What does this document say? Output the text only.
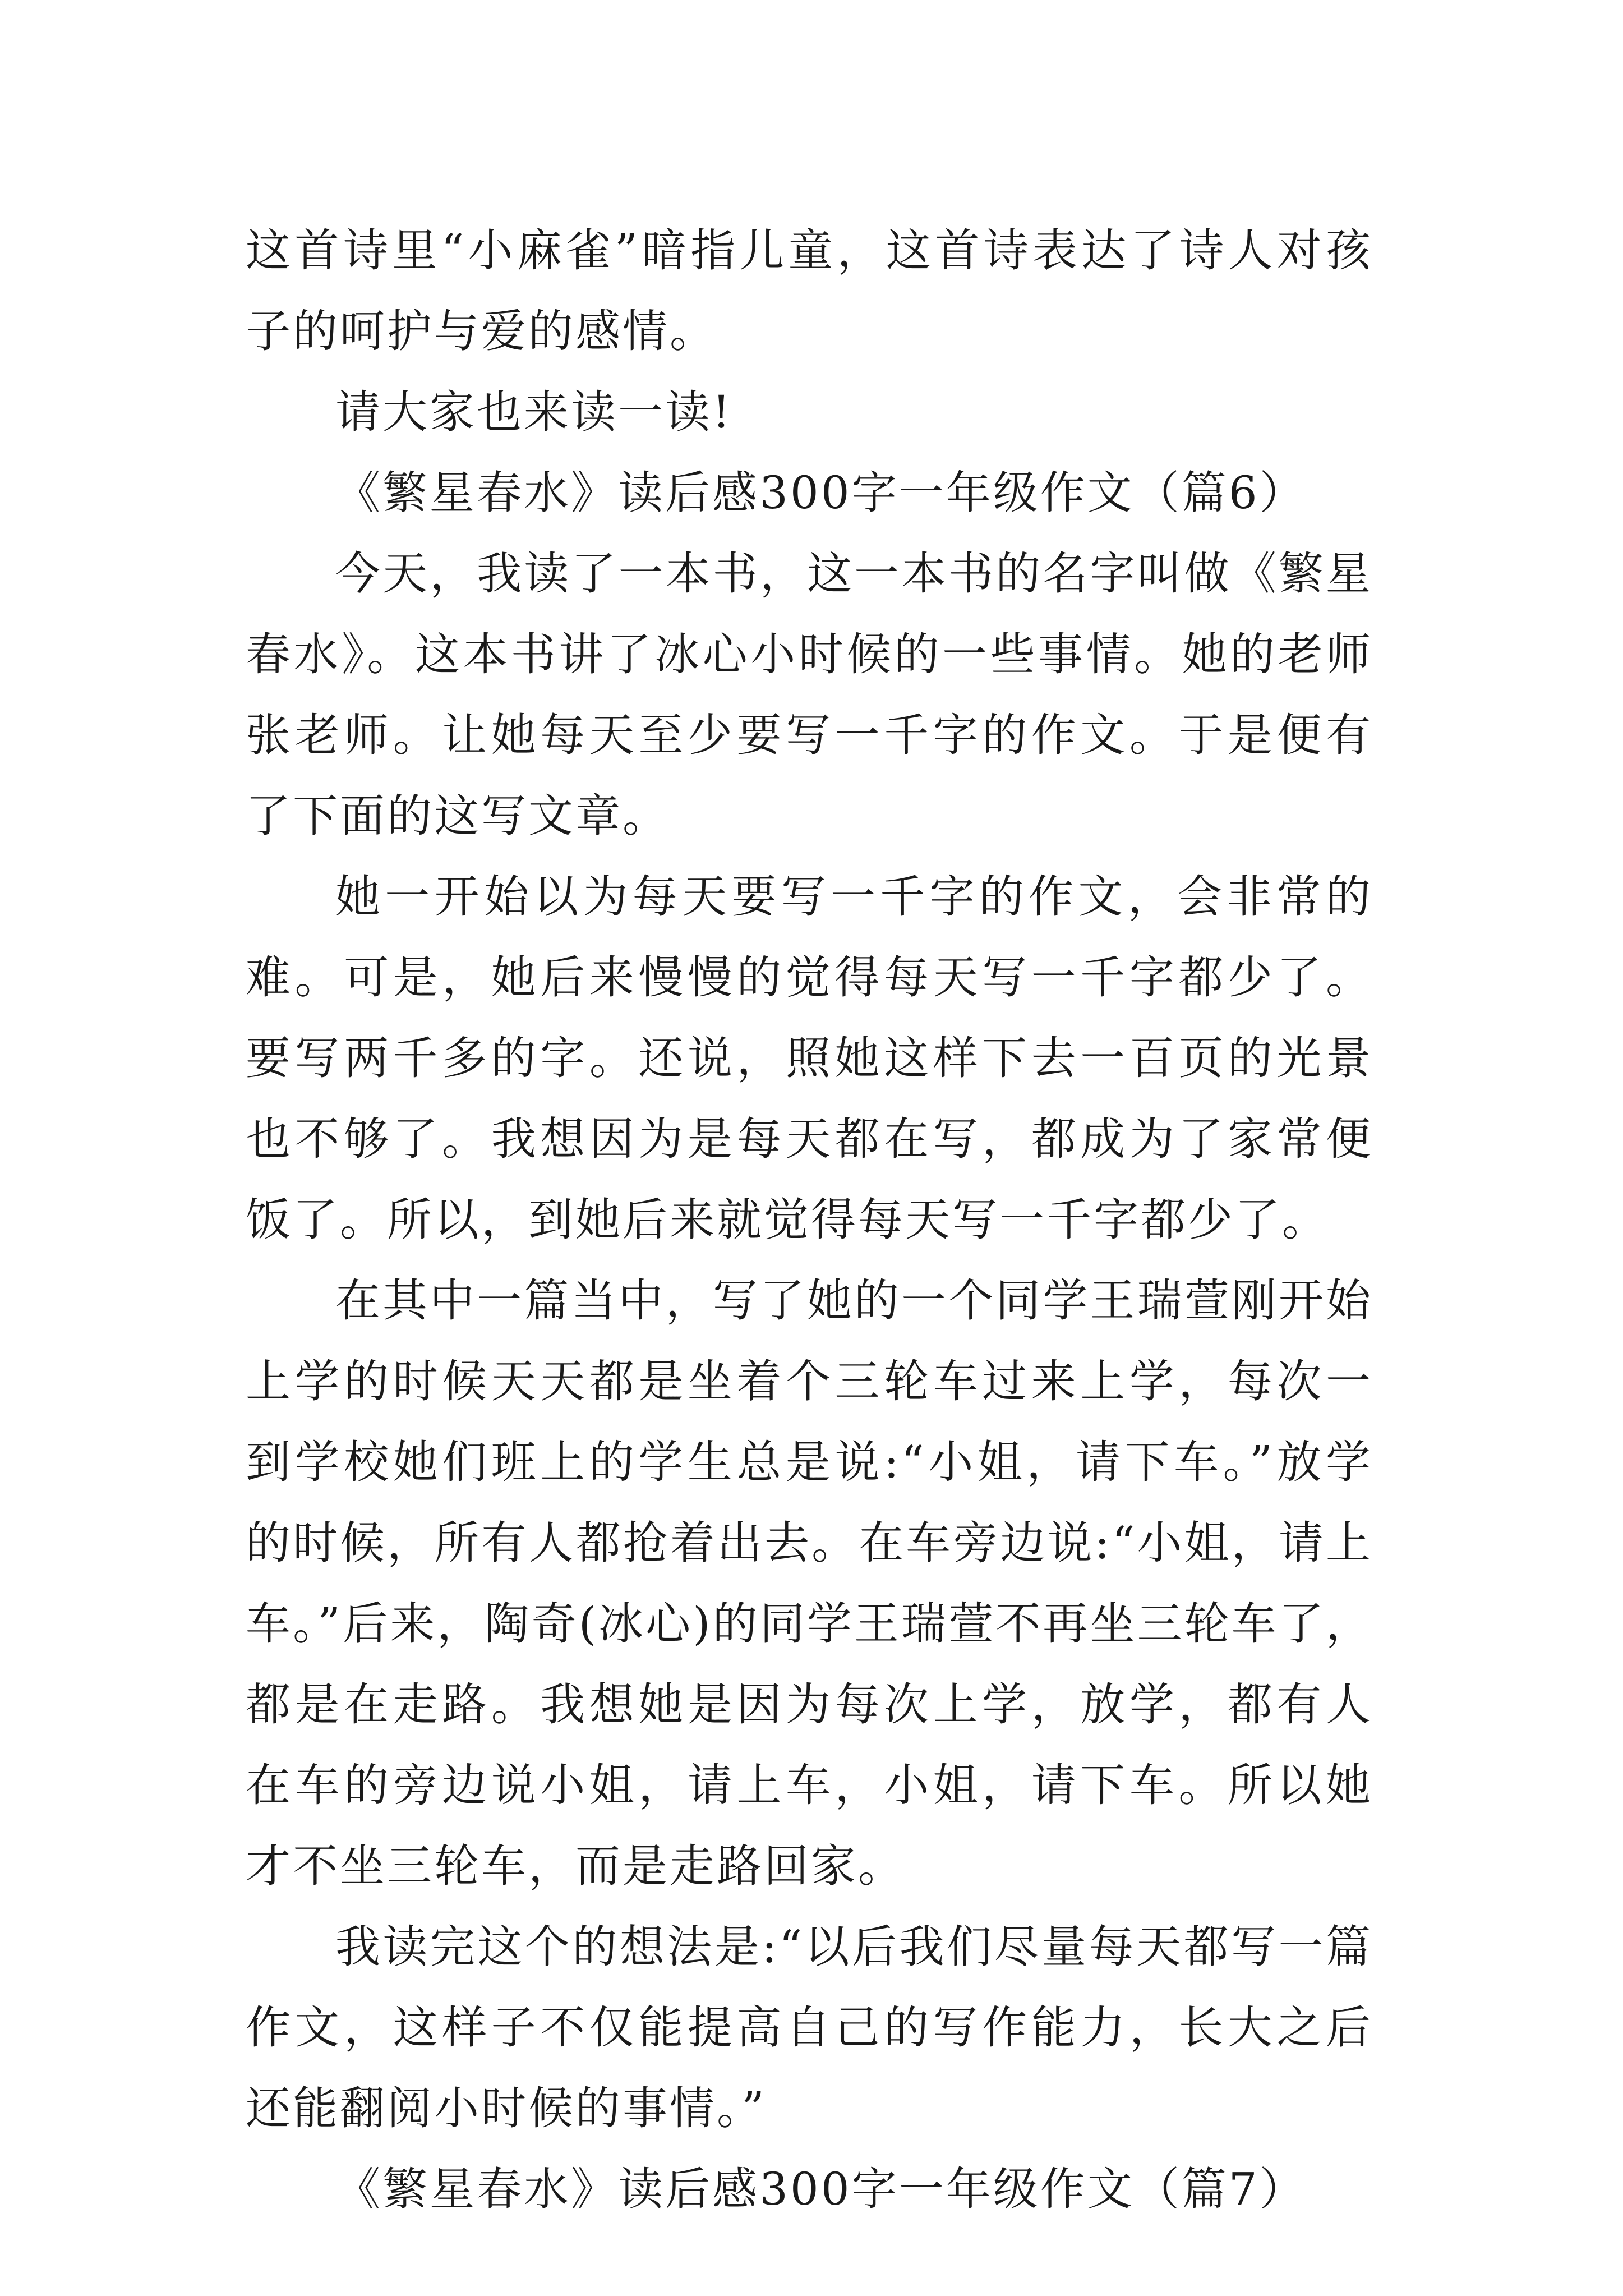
这首诗里“小麻雀”暗指儿童，这首诗表达了诗人对孩子的呵护与爱的感情。

请大家也来读一读!

《繁星春水》读后感300字一年级作文（篇6）

今天，我读了一本书，这一本书的名字叫做《繁星春水》。这本书讲了冰心小时候的一些事情。她的老师张老师。让她每天至少要写一千字的作文。于是便有了下面的这写文章。

她一开始以为每天要写一千字的作文，会非常的难。可是，她后来慢慢的觉得每天写一千字都少了。要写两千多的字。还说，照她这样下去一百页的光景也不够了。我想因为是每天都在写，都成为了家常便饭了。所以，到她后来就觉得每天写一千字都少了。

在其中一篇当中，写了她的一个同学王瑞萱刚开始上学的时候天天都是坐着个三轮车过来上学，每次一到学校她们班上的学生总是说:“小姐，请下车。”放学的时候，所有人都抢着出去。在车旁边说:“小姐，请上车。”后来，陶奇(冰心)的同学王瑞萱不再坐三轮车了，都是在走路。我想她是因为每次上学，放学，都有人在车的旁边说小姐，请上车，小姐，请下车。所以她才不坐三轮车，而是走路回家。

我读完这个的想法是:“以后我们尽量每天都写一篇作文，这样子不仅能提高自己的写作能力，长大之后还能翻阅小时候的事情。”

《繁星春水》读后感300字一年级作文（篇7）
